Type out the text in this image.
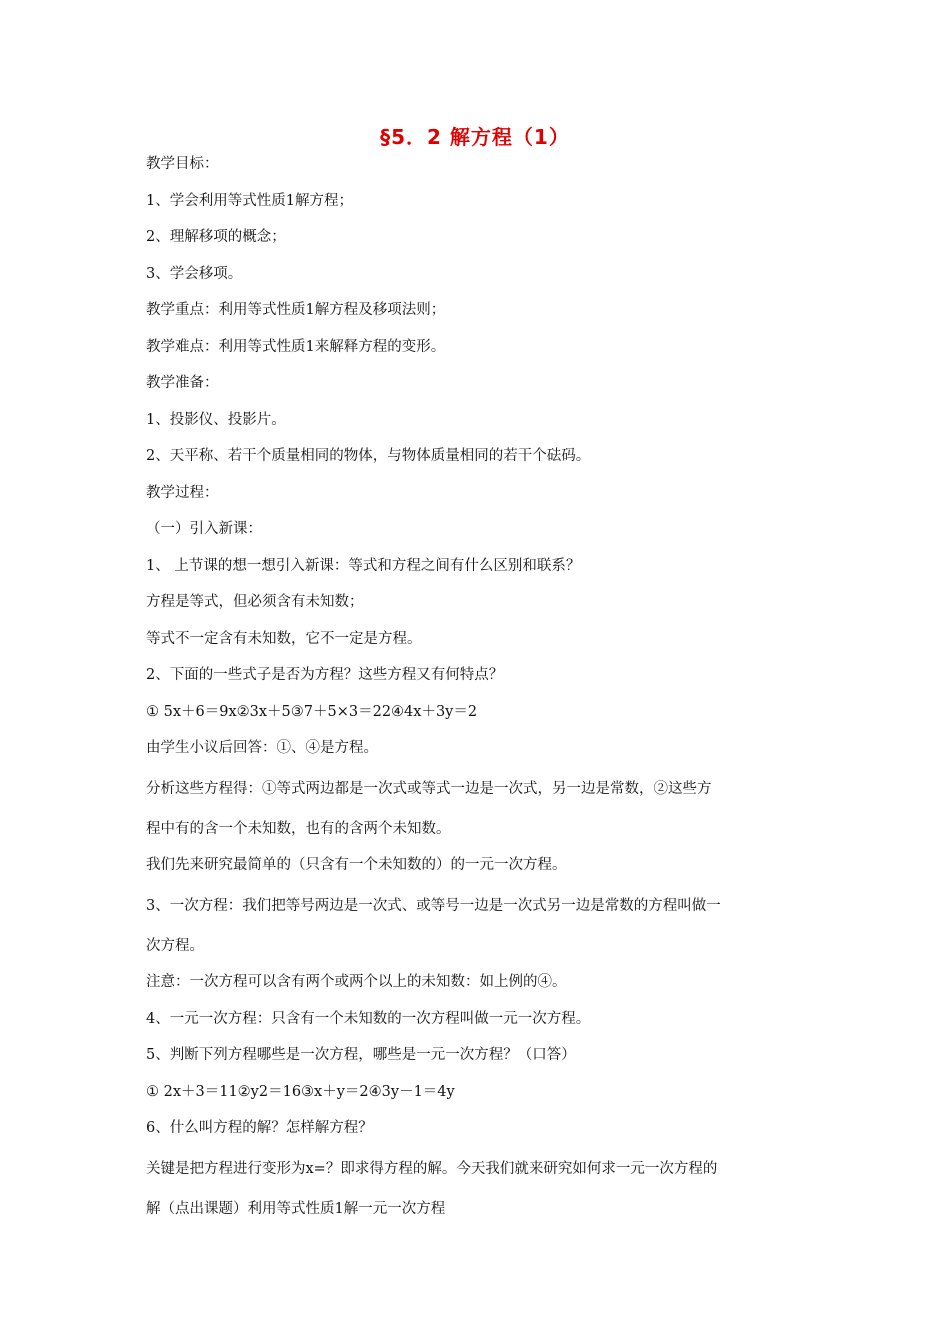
§5．2 解方程（1）
教学目标：
1、学会利用等式性质1解方程；
2、理解移项的概念；
3、学会移项。
教学重点：利用等式性质1解方程及移项法则；
教学难点：利用等式性质1来解释方程的变形。
教学准备：
1、投影仪、投影片。
2、天平称、若干个质量相同的物体，与物体质量相同的若干个砝码。
教学过程：
（一）引入新课：
1、 上节课的想一想引入新课：等式和方程之间有什么区别和联系？
方程是等式，但必须含有未知数；
等式不一定含有未知数，它不一定是方程。
2、下面的一些式子是否为方程？这些方程又有何特点？
① 5x＋6＝9x②3x＋5③7＋5×3＝22④4x＋3y＝2
由学生小议后回答：①、④是方程。
分析这些方程得：①等式两边都是一次式或等式一边是一次式，另一边是常数，②这些方
程中有的含一个未知数，也有的含两个未知数。
我们先来研究最简单的（只含有一个未知数的）的一元一次方程。
3、一次方程：我们把等号两边是一次式、或等号一边是一次式另一边是常数的方程叫做一
次方程。
注意：一次方程可以含有两个或两个以上的未知数：如上例的④。
4、一元一次方程：只含有一个未知数的一次方程叫做一元一次方程。
5、判断下列方程哪些是一次方程，哪些是一元一次方程？（口答）
① 2x＋3＝11②y2＝16③x＋y＝2④3y－1＝4y
6、什么叫方程的解？怎样解方程？
关键是把方程进行变形为x=？即求得方程的解。今天我们就来研究如何求一元一次方程的
解（点出课题）利用等式性质1解一元一次方程
